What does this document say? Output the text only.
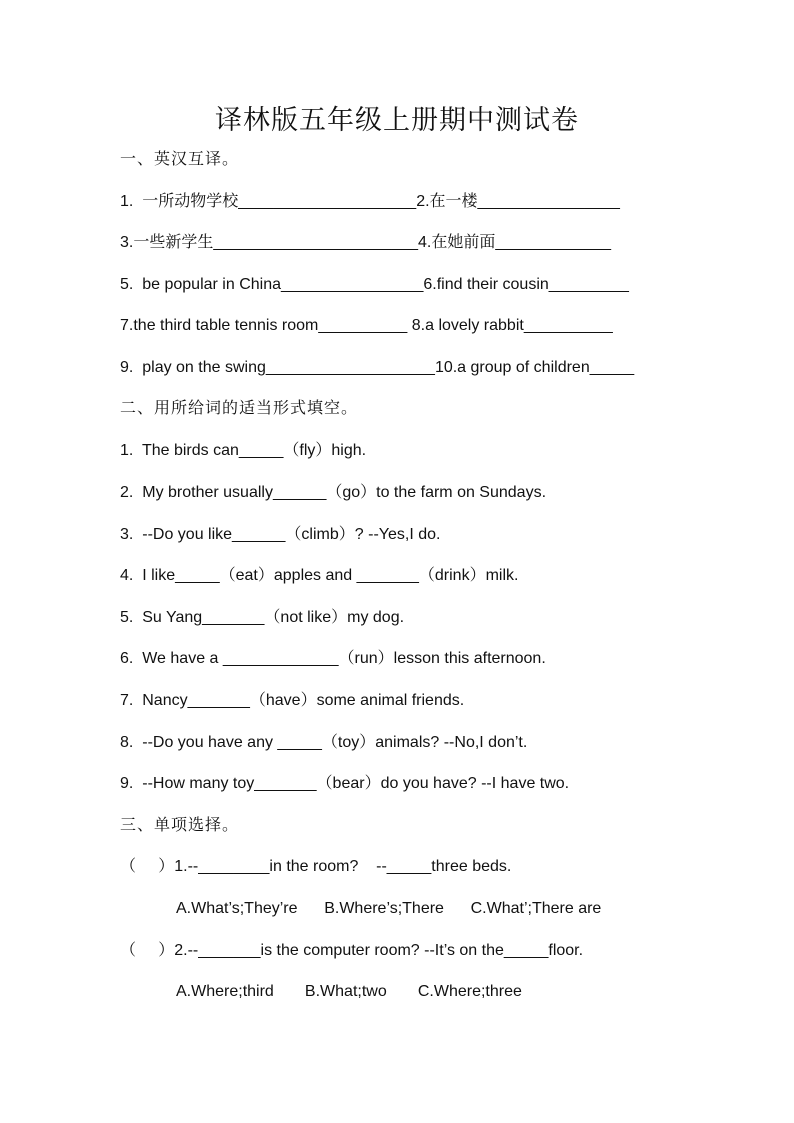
译林版五年级上册期中测试卷
一、英汉互译。
1.  一所动物学校____________________2.在一楼________________
3.一些新学生_______________________4.在她前面_____________
5.  be popular in China________________6.find their cousin_________
7.the third table tennis room__________ 8.a lovely rabbit__________
9.  play on the swing___________________10.a group of children_____
二、用所给词的适当形式填空。
1.  The birds can_____（fly）high.
2.  My brother usually______（go）to the farm on Sundays.
3.  --Do you like______（climb）? --Yes,I do.
4.  I like_____（eat）apples and _______（drink）milk.
5.  Su Yang_______（not like）my dog.
6.  We have a _____________（run）lesson this afternoon.
7.  Nancy_______（have）some animal friends.
8.  --Do you have any _____（toy）animals? --No,I don’t.
9.  --How many toy_______（bear）do you have? --I have two.
三、单项选择。
（     ）1.--________in the room?    --_____three beds.
A.What’s;They’re      B.Where’s;There      C.What’;There are
（     ）2.--_______is the computer room? --It’s on the_____floor.
A.Where;third       B.What;two       C.Where;three
